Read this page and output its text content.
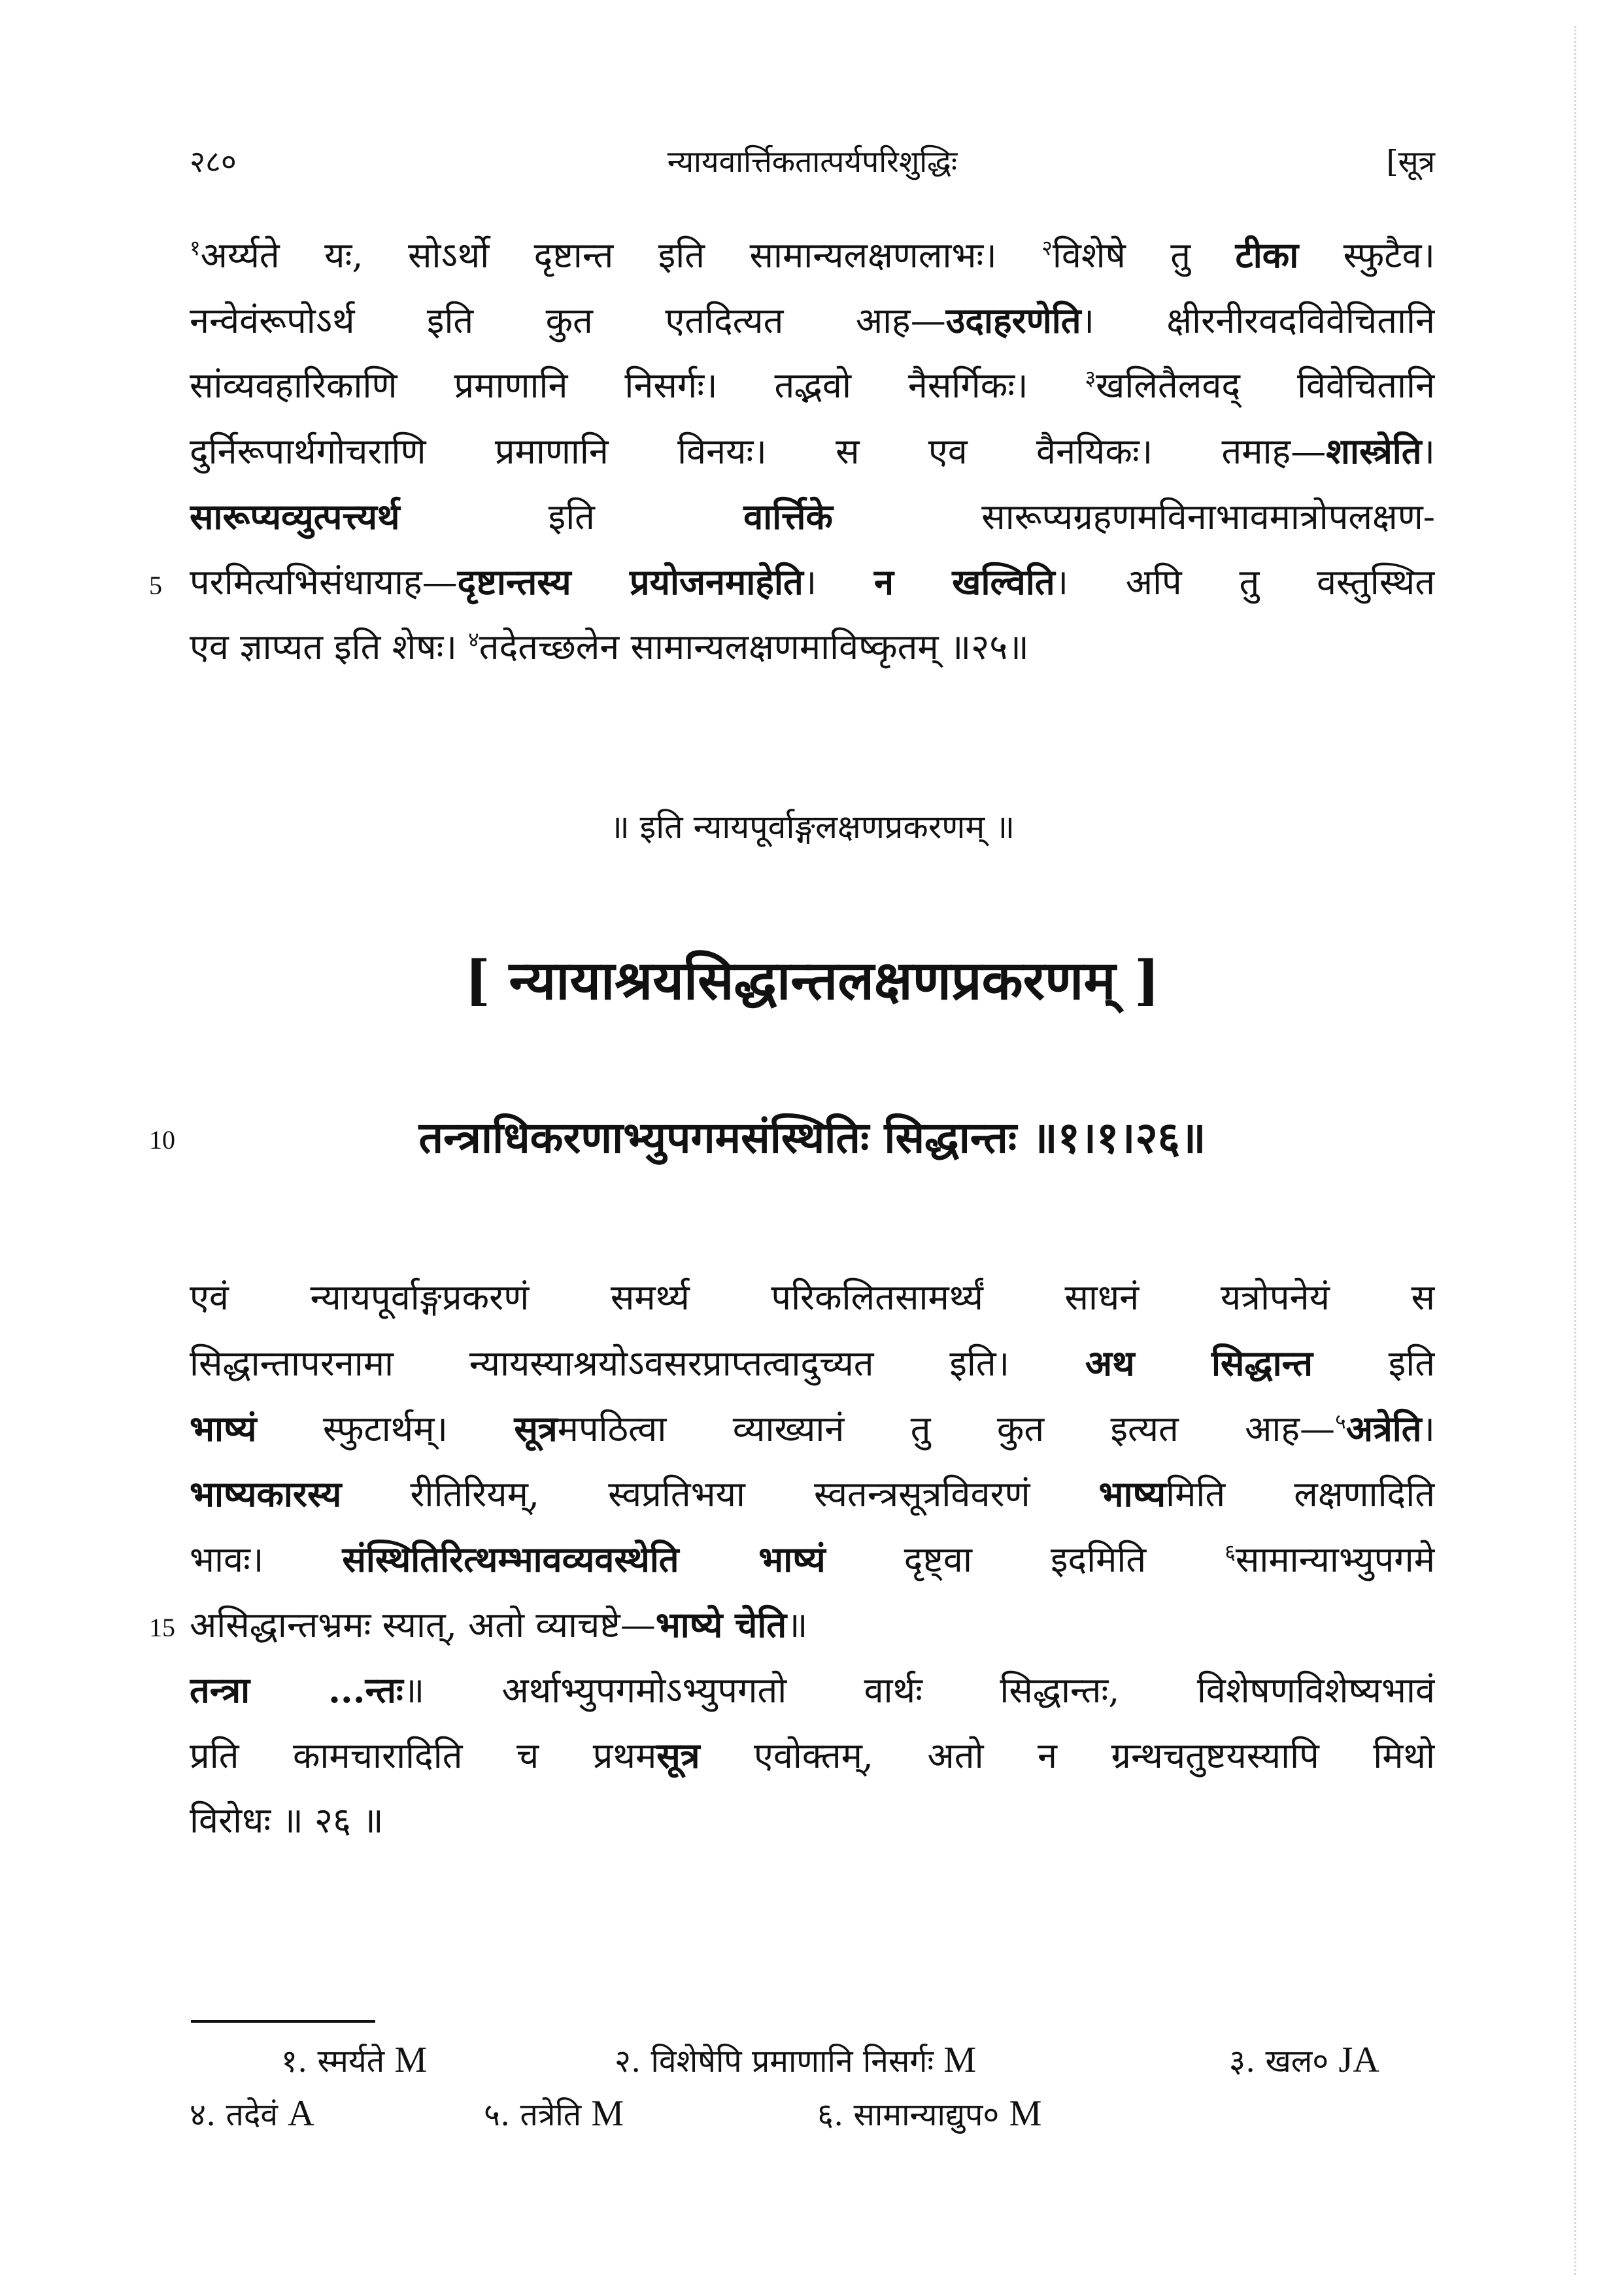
२८०	न्यायवार्त्तिकतात्पर्यपरिशुद्धिः	[सूत्र
$^१$अर्य्यते यः, सोऽर्थो दृष्टान्त इति सामान्यलक्षणलाभः। $^२$विशेषे तु टीका स्फुटैव।
नन्वेवंरूपोऽर्थ इति कुत एतदित्यत आह—उदाहरणेति। क्षीरनीरवदविवेचितानि
सांव्यवहारिकाणि प्रमाणानि निसर्गः। तद्भवो नैसर्गिकः। $^३$खलितैलवद् विवेचितानि
दुर्निरूपार्थगोचराणि प्रमाणानि विनयः। स एव वैनयिकः। तमाह—शास्त्रेति।
सारूप्यव्युत्पत्त्यर्थ इति वार्त्तिके सारूप्यग्रहणमविनाभावमात्रोपलक्षण-
परमित्यभिसंधायाह—दृष्टान्तस्य प्रयोजनमाहेति। न खल्विति। अपि तु वस्तुस्थित
एव ज्ञाप्यत इति शेषः। $^४$तदेतच्छलेन सामान्यलक्षणमाविष्कृतम् ॥२५॥
5
॥ इति न्यायपूर्वाङ्गलक्षणप्रकरणम् ॥
[ न्यायाश्रयसिद्धान्तलक्षणप्रकरणम् ]
10	तन्त्राधिकरणाभ्युपगमसंस्थितिः सिद्धान्तः ॥१।१।२६॥
एवं न्यायपूर्वाङ्गप्रकरणं समर्थ्य परिकलितसामर्थ्यं साधनं यत्रोपनेयं स
सिद्धान्तापरनामा न्यायस्याश्रयोऽवसरप्राप्तत्वादुच्यत इति। अथ सिद्धान्त इति
भाष्यं स्फुटार्थम्। सूत्रमपठित्वा व्याख्यानं तु कुत इत्यत आह—$^५$अत्रेति।
भाष्यकारस्य रीतिरियम्, स्वप्रतिभया स्वतन्त्रसूत्रविवरणं भाष्यमिति लक्षणादिति
भावः। संस्थितिरित्थम्भावव्यवस्थेति भाष्यं दृष्ट्वा इदमिति $^६$सामान्याभ्युपगमे
असिद्धान्तभ्रमः स्यात्, अतो व्याचष्टे—भाष्ये चेति॥
15
तन्त्रा ...न्तः॥ अर्थाभ्युपगमोऽभ्युपगतो वार्थः सिद्धान्तः, विशेषणविशेष्यभावं
प्रति कामचारादिति च प्रथमसूत्र एवोक्तम्, अतो न ग्रन्थचतुष्टयस्यापि मिथो
विरोधः ॥ २६ ॥
१. स्मर्यते M	२. विशेषेपि प्रमाणानि निसर्गः M	३. खल० JA
४. तदेवं A	५. तत्रेति M	६. सामान्याद्युप० M
